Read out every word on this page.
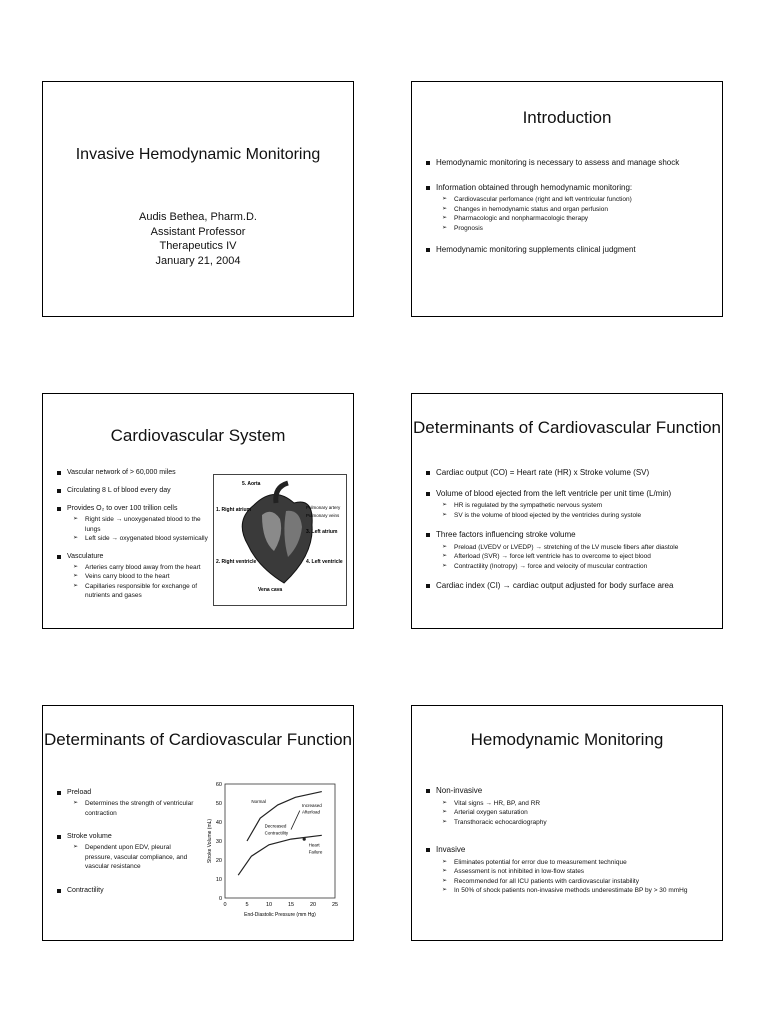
Invasive Hemodynamic Monitoring
Audis Bethea, Pharm.D.
Assistant Professor
Therapeutics IV
January 21, 2004
Introduction
Hemodynamic monitoring is necessary to assess and manage shock
Information obtained through hemodynamic monitoring:
➢ Cardiovascular perfomance (right and left ventricular function)
➢ Changes in hemodynamic status and organ perfusion
➢ Pharmacologic and nonpharmacologic therapy
➢ Prognosis
Hemodynamic monitoring supplements clinical judgment
Cardiovascular System
Vascular network of > 60,000 miles
Circulating 8 L of blood every day
Provides O₂ to over 100 trillion cells
➢ Right side → unoxygenated blood to the lungs
➢ Left side → oxygenated blood systemically
Vasculature
➢ Arteries carry blood away from the heart
➢ Veins carry blood to the heart
➢ Capillaries responsible for exchange of nutrients and gases
5. Aorta
1. Right atrium
2. Right ventricle
3. Left atrium
4. Left ventricle
Pulmonary artery
Pulmonary veins
Vena cava
Determinants of Cardiovascular Function
Cardiac output (CO) = Heart rate (HR) x Stroke volume (SV)
Volume of blood ejected from the left ventricle per unit time (L/min)
➢ HR is regulated by the sympathetic nervous system
➢ SV is the volume of blood ejected by the ventricles during systole
Three factors influencing stroke volume
➢ Preload (LVEDV or LVEDP) → stretching of the LV muscle fibers after diastole
➢ Afterload (SVR) → force left ventricle has to overcome to eject blood
➢ Contractility (Inotropy) → force and velocity of muscular contraction
Cardiac index (CI) → cardiac output adjusted for body surface area
Determinants of Cardiovascular Function
Preload
➢ Determines the strength of ventricular contraction
Stroke volume
➢ Dependent upon EDV, pleural pressure, vascular compliance, and vascular resistance
Contractility
0	5	10	15	20	25
0
10
20
30
40
50
60
End-Diastolic Pressure (mm Hg)
Stroke Volume (mL)
Normal
Increased
Afterload
Decreased
Contractility
Heart
Failure
Hemodynamic Monitoring
Non-invasive
➢ Vital signs → HR, BP, and RR
➢ Arterial oxygen saturation
➢ Transthoracic echocardiography
Invasive
➢ Eliminates potential for error due to measurement technique
➢ Assessment is not inhibited in low-flow states
➢ Recommended for all ICU patients with cardiovascular instability
➢ In 50% of shock patients non-invasive methods underestimate BP by > 30 mmHg
